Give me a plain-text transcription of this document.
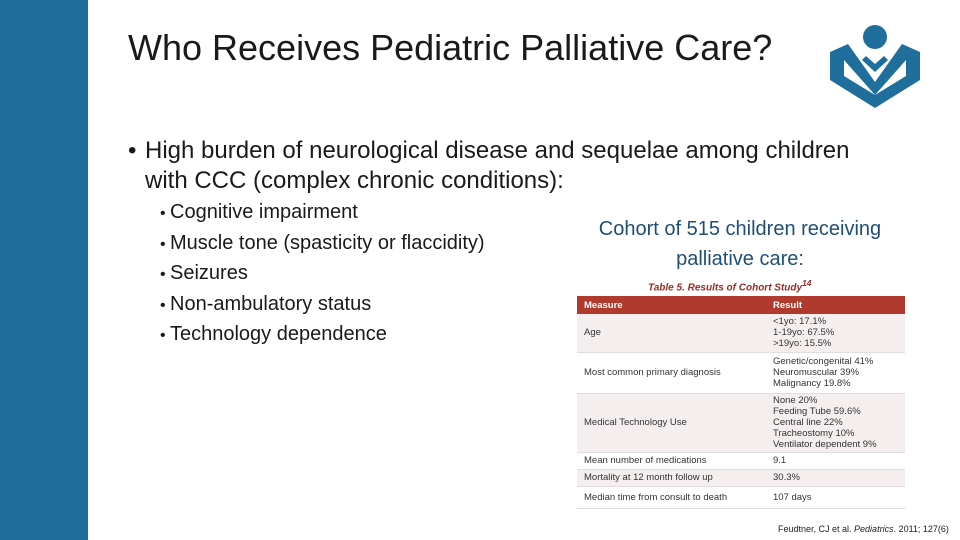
Who Receives Pediatric Palliative Care?
• High burden of neurological disease and sequelae among children with CCC (complex chronic conditions):
• Cognitive impairment
• Muscle tone (spasticity or flaccidity)
• Seizures
• Non-ambulatory status
• Technology dependence
Cohort of 515 children receiving palliative care:
Table 5. Results of Cohort Study$^{14}$
Measure	Result
Age	<1yo: 17.1%
1-19yo: 67.5%
>19yo: 15.5%

Most common primary diagnosis	Genetic/congenital 41%
Neuromuscular 39%
Malignancy 19.8%

Medical Technology Use	None 20%
Feeding Tube 59.6%
Central line 22%
Tracheostomy 10%
Ventilator dependent 9%

Mean number of medications	9.1
Mortality at 12 month follow up	30.3%
Median time from consult to death	107 days
Feudtner, CJ et al. Pediatrics. 2011; 127(6)
